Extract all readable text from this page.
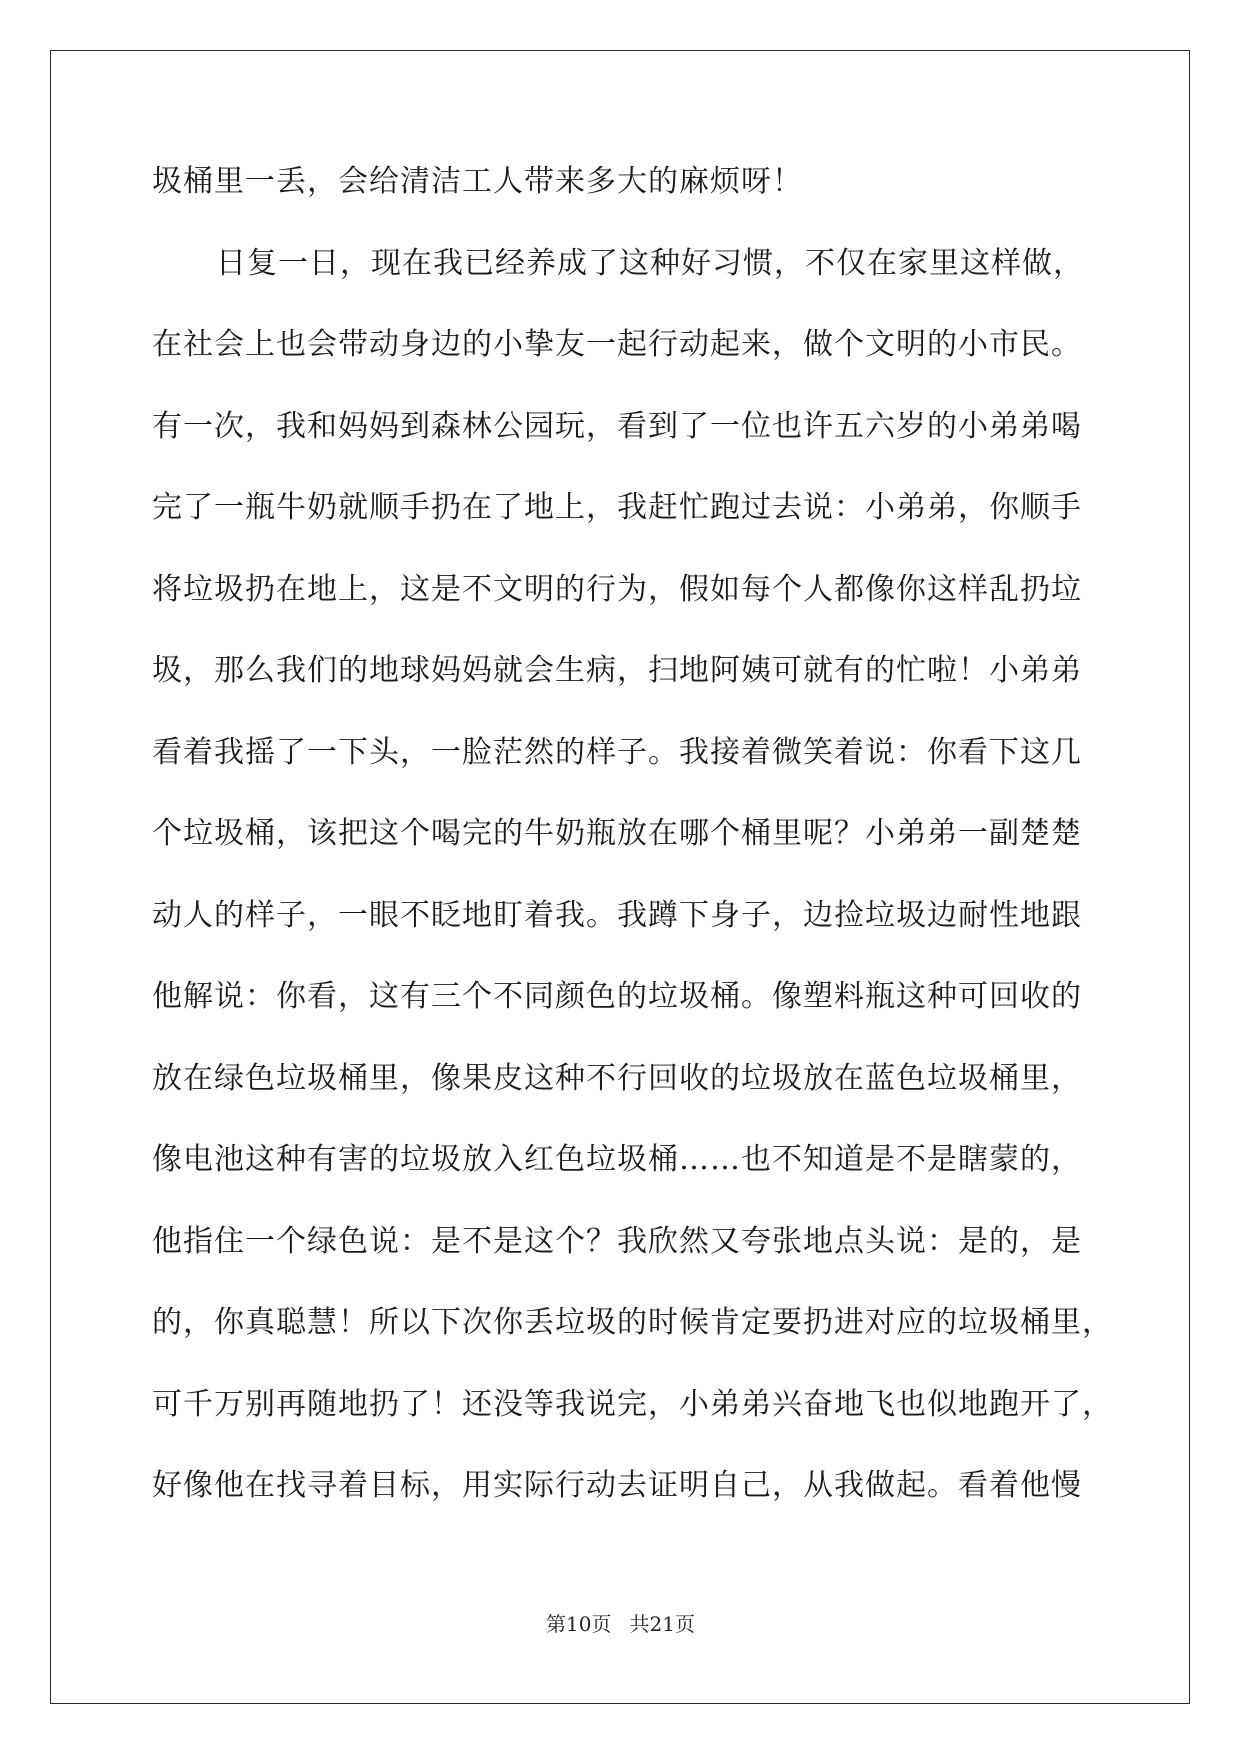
圾桶里一丢，会给清洁工人带来多大的麻烦呀！
日复一日，现在我已经养成了这种好习惯，不仅在家里这样做，
在社会上也会带动身边的小挚友一起行动起来，做个文明的小市民。
有一次，我和妈妈到森林公园玩，看到了一位也许五六岁的小弟弟喝
完了一瓶牛奶就顺手扔在了地上，我赶忙跑过去说：小弟弟，你顺手
将垃圾扔在地上，这是不文明的行为，假如每个人都像你这样乱扔垃
圾，那么我们的地球妈妈就会生病，扫地阿姨可就有的忙啦！小弟弟
看着我摇了一下头，一脸茫然的样子。我接着微笑着说：你看下这几
个垃圾桶，该把这个喝完的牛奶瓶放在哪个桶里呢？小弟弟一副楚楚
动人的样子，一眼不眨地盯着我。我蹲下身子，边捡垃圾边耐性地跟
他解说：你看，这有三个不同颜色的垃圾桶。像塑料瓶这种可回收的
放在绿色垃圾桶里，像果皮这种不行回收的垃圾放在蓝色垃圾桶里，
像电池这种有害的垃圾放入红色垃圾桶……也不知道是不是瞎蒙的，
他指住一个绿色说：是不是这个？我欣然又夸张地点头说：是的，是
的，你真聪慧！所以下次你丢垃圾的时候肯定要扔进对应的垃圾桶里，
可千万别再随地扔了！还没等我说完，小弟弟兴奋地飞也似地跑开了，
好像他在找寻着目标，用实际行动去证明自己，从我做起。看着他慢
第10页 共21页
